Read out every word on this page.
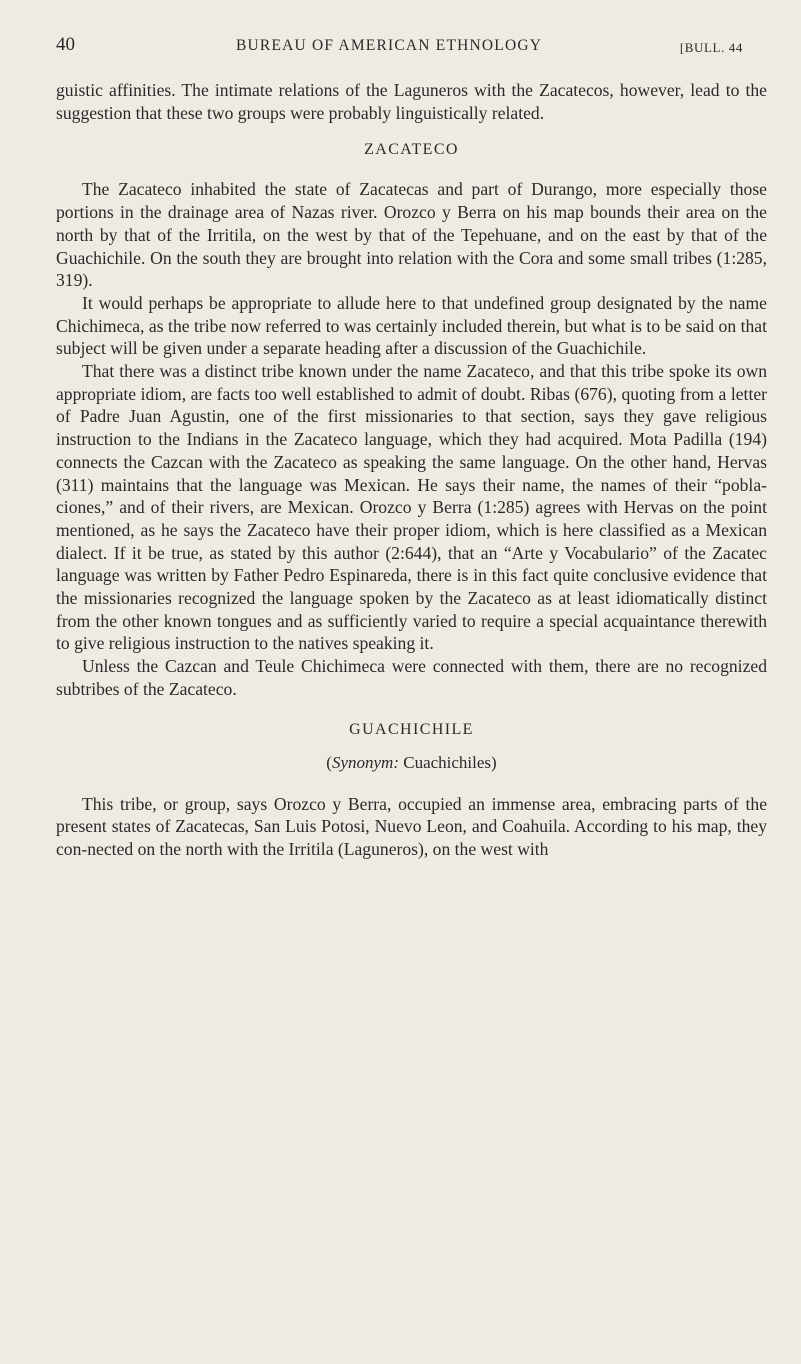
40	BUREAU OF AMERICAN ETHNOLOGY	[BULL. 44

guistic affinities. The intimate relations of the Laguneros with the Zacatecos, however, lead to the suggestion that these two groups were probably linguistically related.

ZACATECO

The Zacateco inhabited the state of Zacatecas and part of Durango, more especially those portions in the drainage area of Nazas river. Orozco y Berra on his map bounds their area on the north by that of the Irritila, on the west by that of the Tepehuane, and on the east by that of the Guachichile. On the south they are brought into relation with the Cora and some small tribes (1:285, 319).

It would perhaps be appropriate to allude here to that undefined group designated by the name Chichimeca, as the tribe now referred to was certainly included therein, but what is to be said on that subject will be given under a separate heading after a discussion of the Guachichile.

That there was a distinct tribe known under the name Zacateco, and that this tribe spoke its own appropriate idiom, are facts too well established to admit of doubt. Ribas (676), quoting from a letter of Padre Juan Agustin, one of the first missionaries to that section, says they gave religious instruction to the Indians in the Zacateco language, which they had acquired. Mota Padilla (194) connects the Cazcan with the Zacateco as speaking the same language. On the other hand, Hervas (311) maintains that the language was Mexican. He says their name, the names of their “pobla-ciones,” and of their rivers, are Mexican. Orozco y Berra (1:285) agrees with Hervas on the point mentioned, as he says the Zacateco have their proper idiom, which is here classified as a Mexican dialect. If it be true, as stated by this author (2:644), that an “Arte y Vocabulario” of the Zacatec language was written by Father Pedro Espinareda, there is in this fact quite conclusive evidence that the missionaries recognized the language spoken by the Zacateco as at least idiomatically distinct from the other known tongues and as sufficiently varied to require a special acquaintance therewith to give religious instruction to the natives speaking it.

Unless the Cazcan and Teule Chichimeca were connected with them, there are no recognized subtribes of the Zacateco.

GUACHICHILE
(Synonym: Cuachichiles)

This tribe, or group, says Orozco y Berra, occupied an immense area, embracing parts of the present states of Zacatecas, San Luis Potosi, Nuevo Leon, and Coahuila. According to his map, they con-nected on the north with the Irritila (Laguneros), on the west with
